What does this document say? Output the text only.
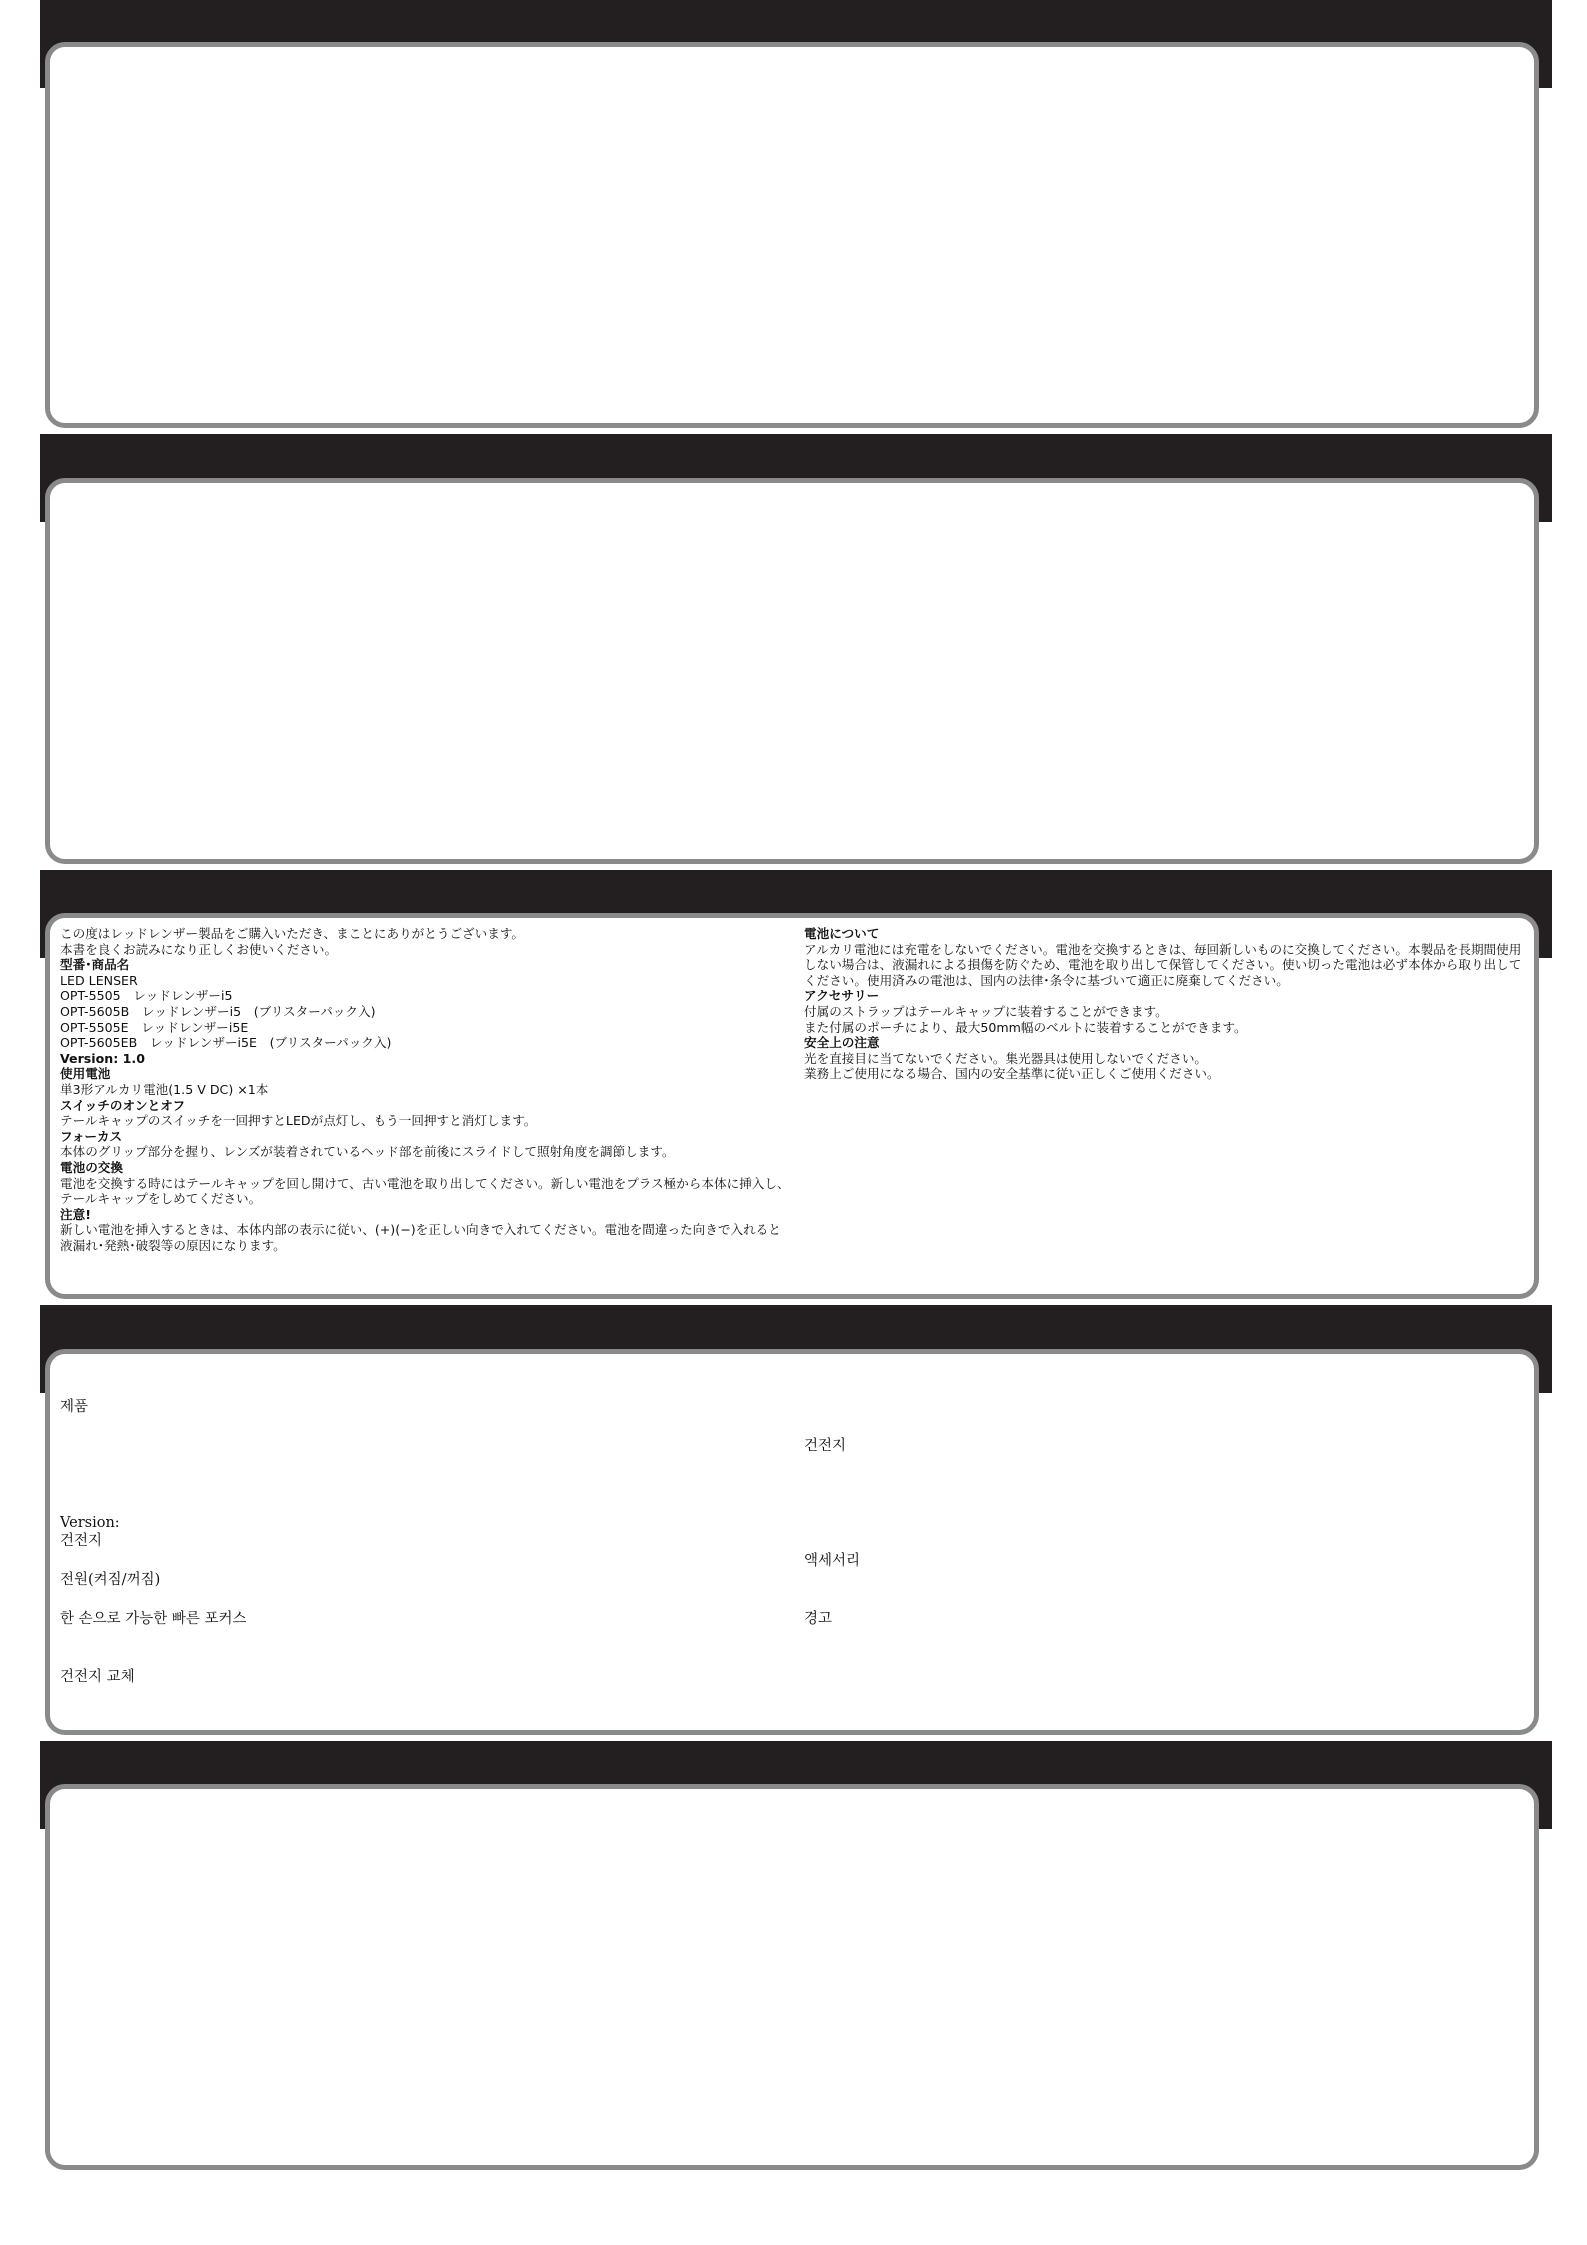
この度はレッドレンザー製品をご購入いただき、まことにありがとうございます。
本書を良くお読みになり正しくお使いください。
型番･商品名
LED LENSER
OPT-5505　レッドレンザーi5
OPT-5605B　レッドレンザーi5　(ブリスターパック入)
OPT-5505E　レッドレンザーi5E
OPT-5605EB　レッドレンザーi5E　(ブリスターパック入)
Version: 1.0
使用電池
単3形アルカリ電池(1.5 V DC) ×1本
スイッチのオンとオフ
テールキャップのスイッチを一回押すとLEDが点灯し、もう一回押すと消灯します。
フォーカス
本体のグリップ部分を握り、レンズが装着されているヘッド部を前後にスライドして照射角度を調節します。
電池の交換
電池を交換する時にはテールキャップを回し開けて、古い電池を取り出してください。新しい電池をプラス極から本体に挿入し、
テールキャップをしめてください。
注意!
新しい電池を挿入するときは、本体内部の表示に従い、(+)(−)を正しい向きで入れてください。電池を間違った向きで入れると
液漏れ･発熱･破裂等の原因になります。
電池について
アルカリ電池には充電をしないでください。電池を交換するときは、毎回新しいものに交換してください。本製品を長期間使用
しない場合は、液漏れによる損傷を防ぐため、電池を取り出して保管してください。使い切った電池は必ず本体から取り出して
ください。使用済みの電池は、国内の法律･条令に基づいて適正に廃棄してください。
アクセサリー
付属のストラップはテールキャップに装着することができます。
また付属のポーチにより、最大50mm幅のベルトに装着することができます。
安全上の注意
光を直接目に当てないでください。集光器具は使用しないでください。
業務上ご使用になる場合、国内の安全基準に従い正しくご使用ください。
제품
Version:
건전지
전원(켜짐/꺼짐)
한 손으로 가능한 빠른 포커스
건전지 교체
건전지
액세서리
경고
